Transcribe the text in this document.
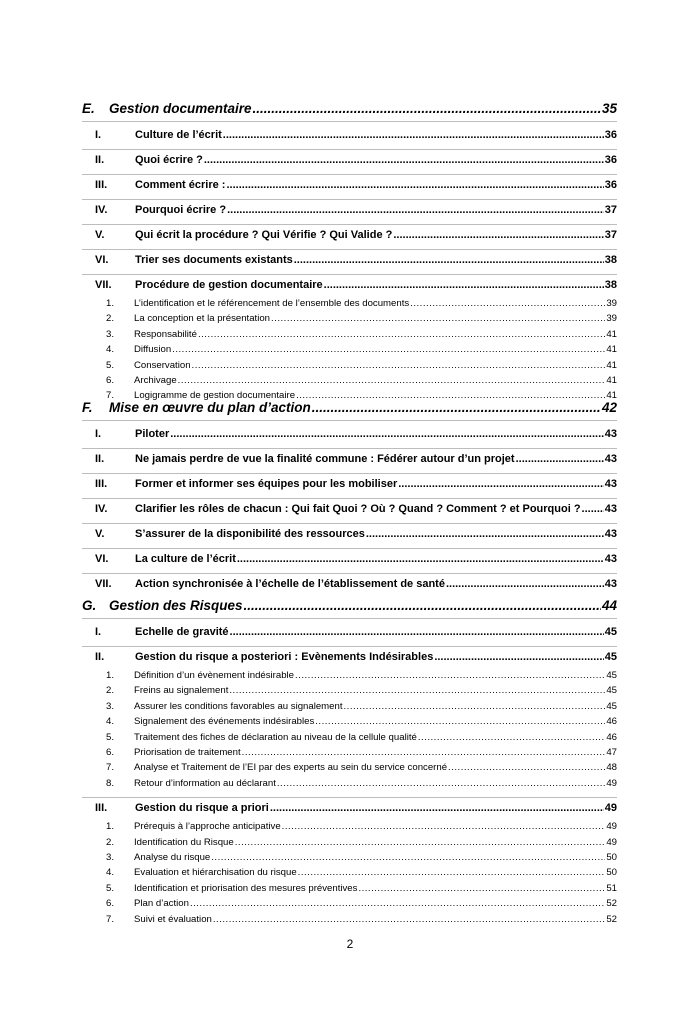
E.	Gestion documentaire .....	35
I.	Culture de l’écrit .....	36
II.	Quoi écrire ? .....	36
III.	Comment écrire : .....	36
IV.	Pourquoi écrire ? .....	37
V.	Qui écrit la procédure ? Qui Vérifie ? Qui Valide ? .....	37
VI.	Trier ses documents existants .....	38
VII.	Procédure de gestion documentaire .....	38
1.	L’identification et le référencement de l’ensemble des documents .....	39
2.	La conception et la présentation .....	39
3.	Responsabilité .....	41
4.	Diffusion .....	41
5.	Conservation .....	41
6.	Archivage .....	41
7.	Logigramme de gestion documentaire .....	41
F.	Mise en œuvre du plan d’action .....	42
I.	Piloter .....	43
II.	Ne jamais perdre de vue la finalité commune : Fédérer autour d’un projet .....	43
III.	Former et informer ses équipes pour les mobiliser .....	43
IV.	Clarifier les rôles de chacun : Qui fait Quoi ? Où ? Quand ? Comment ? et Pourquoi ? ..... 43
V.	S’assurer de la disponibilité des ressources .....	43
VI.	La culture de l’écrit .....	43
VII.	Action synchronisée à l’échelle de l’établissement de santé .....	43
G. Gestion des Risques .....	44
I.	Echelle de gravité .....	45
II.	Gestion du risque a posteriori : Evènements Indésirables .....	45
1.	Définition d’un évènement indésirable .....	45
2.	Freins au signalement .....	45
3.	Assurer les conditions favorables au signalement .....	45
4.	Signalement des événements indésirables .....	46
5.	Traitement des fiches de déclaration au niveau de la cellule qualité .....	46
6.	Priorisation de traitement .....	47
7.	Analyse et Traitement de l’EI par des experts au sein du service concerné .....	48
8.	Retour d’information au déclarant .....	49
III.	Gestion du risque a priori .....	49
1.	Prérequis à l’approche anticipative .....	49
2.	Identification du Risque .....	49
3.	Analyse du risque .....	50
4.	Evaluation et hiérarchisation du risque .....	50
5.	Identification et priorisation des mesures préventives .....	51
6.	Plan d’action .....	52
7.	Suivi et évaluation .....	52
2
